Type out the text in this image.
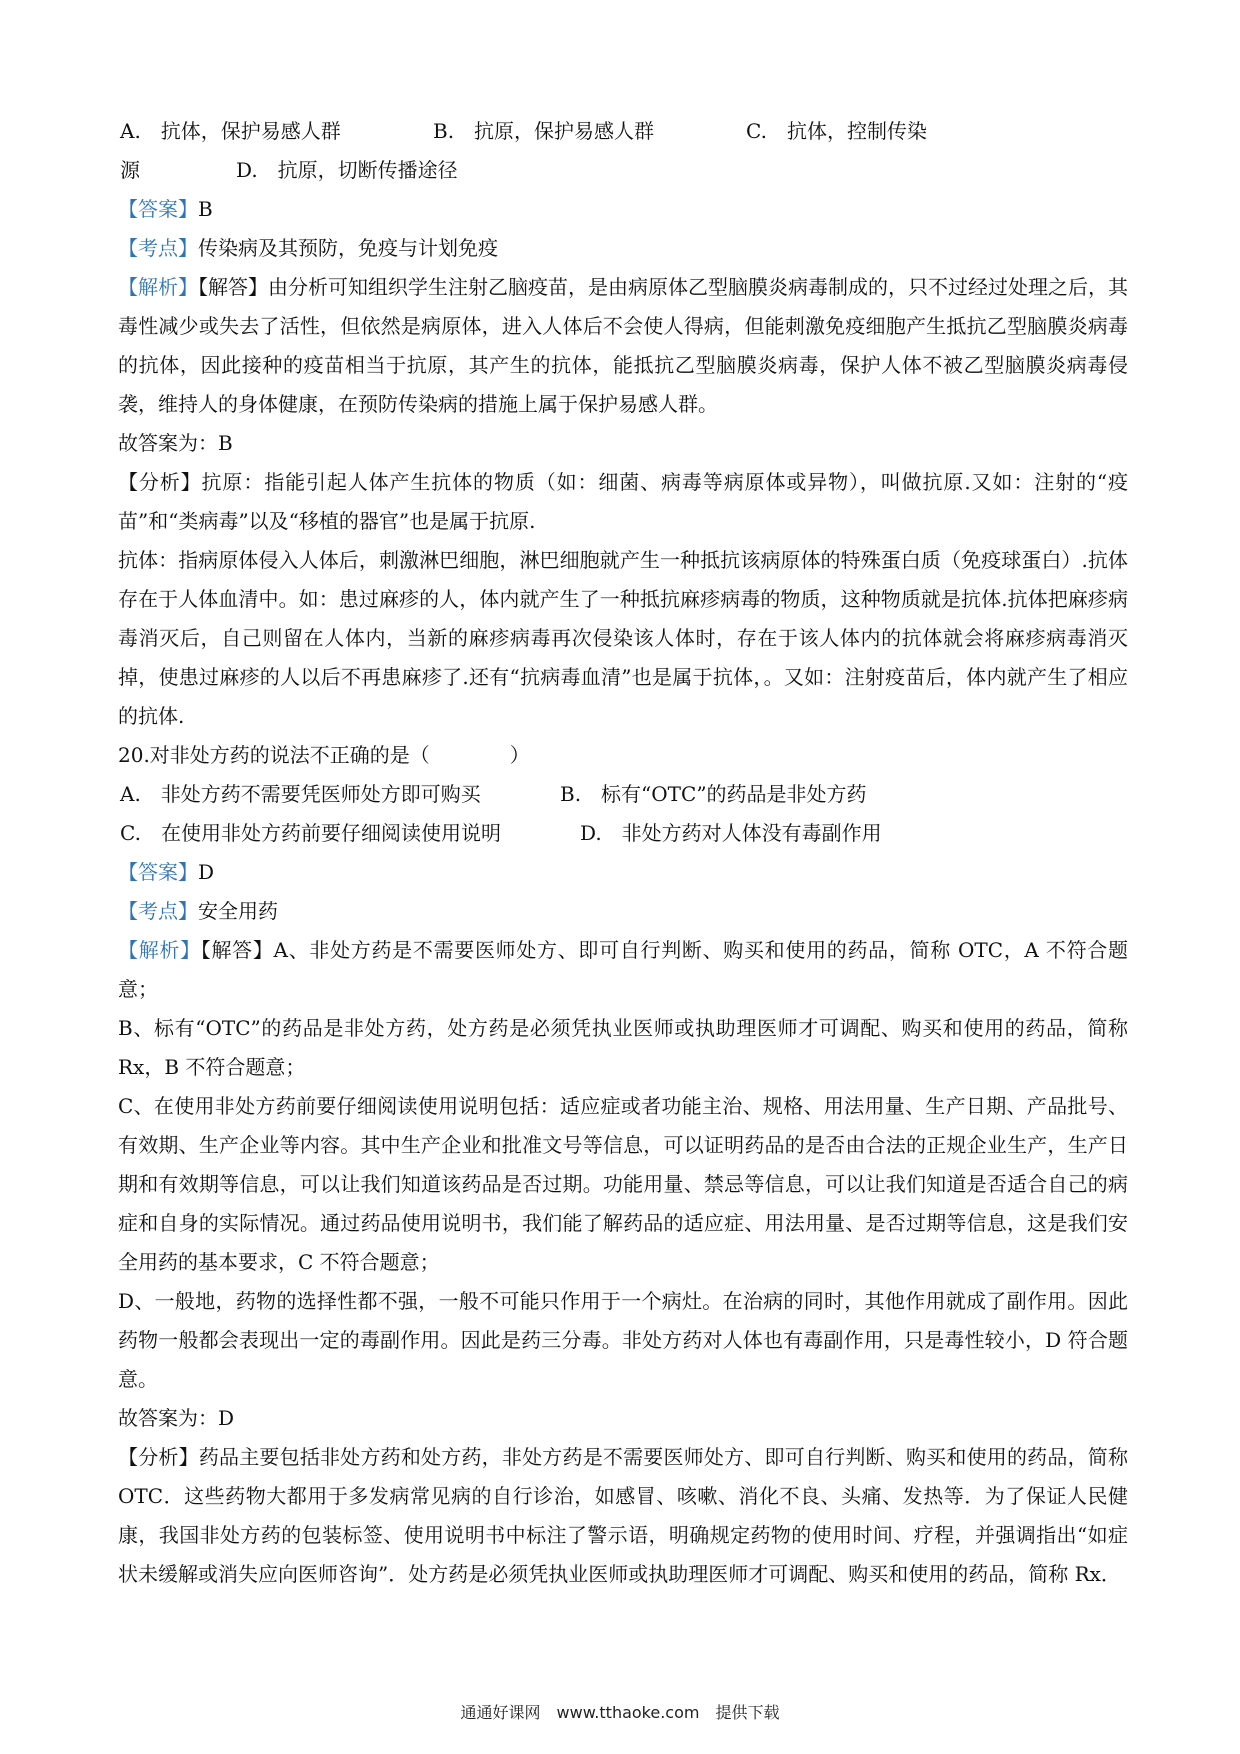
A.　抗体，保护易感人群	B.　抗原，保护易感人群	C.　抗体，控制传染
源	D.　抗原，切断传播途径
【答案】B
【考点】传染病及其预防，免疫与计划免疫
【解析】【解答】由分析可知组织学生注射乙脑疫苗，是由病原体乙型脑膜炎病毒制成的，只不过经过处理之后，其毒性减少或失去了活性，但依然是病原体，进入人体后不会使人得病，但能刺激免疫细胞产生抵抗乙型脑膜炎病毒的抗体，因此接种的疫苗相当于抗原，其产生的抗体，能抵抗乙型脑膜炎病毒，保护人体不被乙型脑膜炎病毒侵袭，维持人的身体健康，在预防传染病的措施上属于保护易感人群。
故答案为：B
【分析】抗原：指能引起人体产生抗体的物质（如：细菌、病毒等病原体或异物），叫做抗原.又如：注射的“疫苗”和“类病毒”以及“移植的器官”也是属于抗原.
抗体：指病原体侵入人体后，刺激淋巴细胞，淋巴细胞就产生一种抵抗该病原体的特殊蛋白质（免疫球蛋白）.抗体存在于人体血清中。如：患过麻疹的人，体内就产生了一种抵抗麻疹病毒的物质，这种物质就是抗体.抗体把麻疹病毒消灭后，自己则留在人体内，当新的麻疹病毒再次侵染该人体时，存在于该人体内的抗体就会将麻疹病毒消灭掉，使患过麻疹的人以后不再患麻疹了.还有“抗病毒血清”也是属于抗体，。又如：注射疫苗后，体内就产生了相应的抗体.
20.对非处方药的说法不正确的是（　　　　）
A.　非处方药不需要凭医师处方即可购买	B.　标有“OTC”的药品是非处方药
C.　在使用非处方药前要仔细阅读使用说明	D.　非处方药对人体没有毒副作用
【答案】D
【考点】安全用药
【解析】【解答】A、非处方药是不需要医师处方、即可自行判断、购买和使用的药品，简称 OTC，A 不符合题意；
B、标有“OTC”的药品是非处方药，处方药是必须凭执业医师或执助理医师才可调配、购买和使用的药品，简称 Rx，B 不符合题意；
C、在使用非处方药前要仔细阅读使用说明包括：适应症或者功能主治、规格、用法用量、生产日期、产品批号、有效期、生产企业等内容。其中生产企业和批准文号等信息，可以证明药品的是否由合法的正规企业生产，生产日期和有效期等信息，可以让我们知道该药品是否过期。功能用量、禁忌等信息，可以让我们知道是否适合自己的病症和自身的实际情况。通过药品使用说明书，我们能了解药品的适应症、用法用量、是否过期等信息，这是我们安全用药的基本要求，C 不符合题意；
D、一般地，药物的选择性都不强，一般不可能只作用于一个病灶。在治病的同时，其他作用就成了副作用。因此药物一般都会表现出一定的毒副作用。因此是药三分毒。非处方药对人体也有毒副作用，只是毒性较小，D 符合题意。
故答案为：D
【分析】药品主要包括非处方药和处方药，非处方药是不需要医师处方、即可自行判断、购买和使用的药品，简称 OTC．这些药物大都用于多发病常见病的自行诊治，如感冒、咳嗽、消化不良、头痛、发热等．为了保证人民健康，我国非处方药的包装标签、使用说明书中标注了警示语，明确规定药物的使用时间、疗程，并强调指出“如症状未缓解或消失应向医师咨询”．处方药是必须凭执业医师或执助理医师才可调配、购买和使用的药品，简称 Rx．
通通好课网　www.tthaoke.com　提供下载
